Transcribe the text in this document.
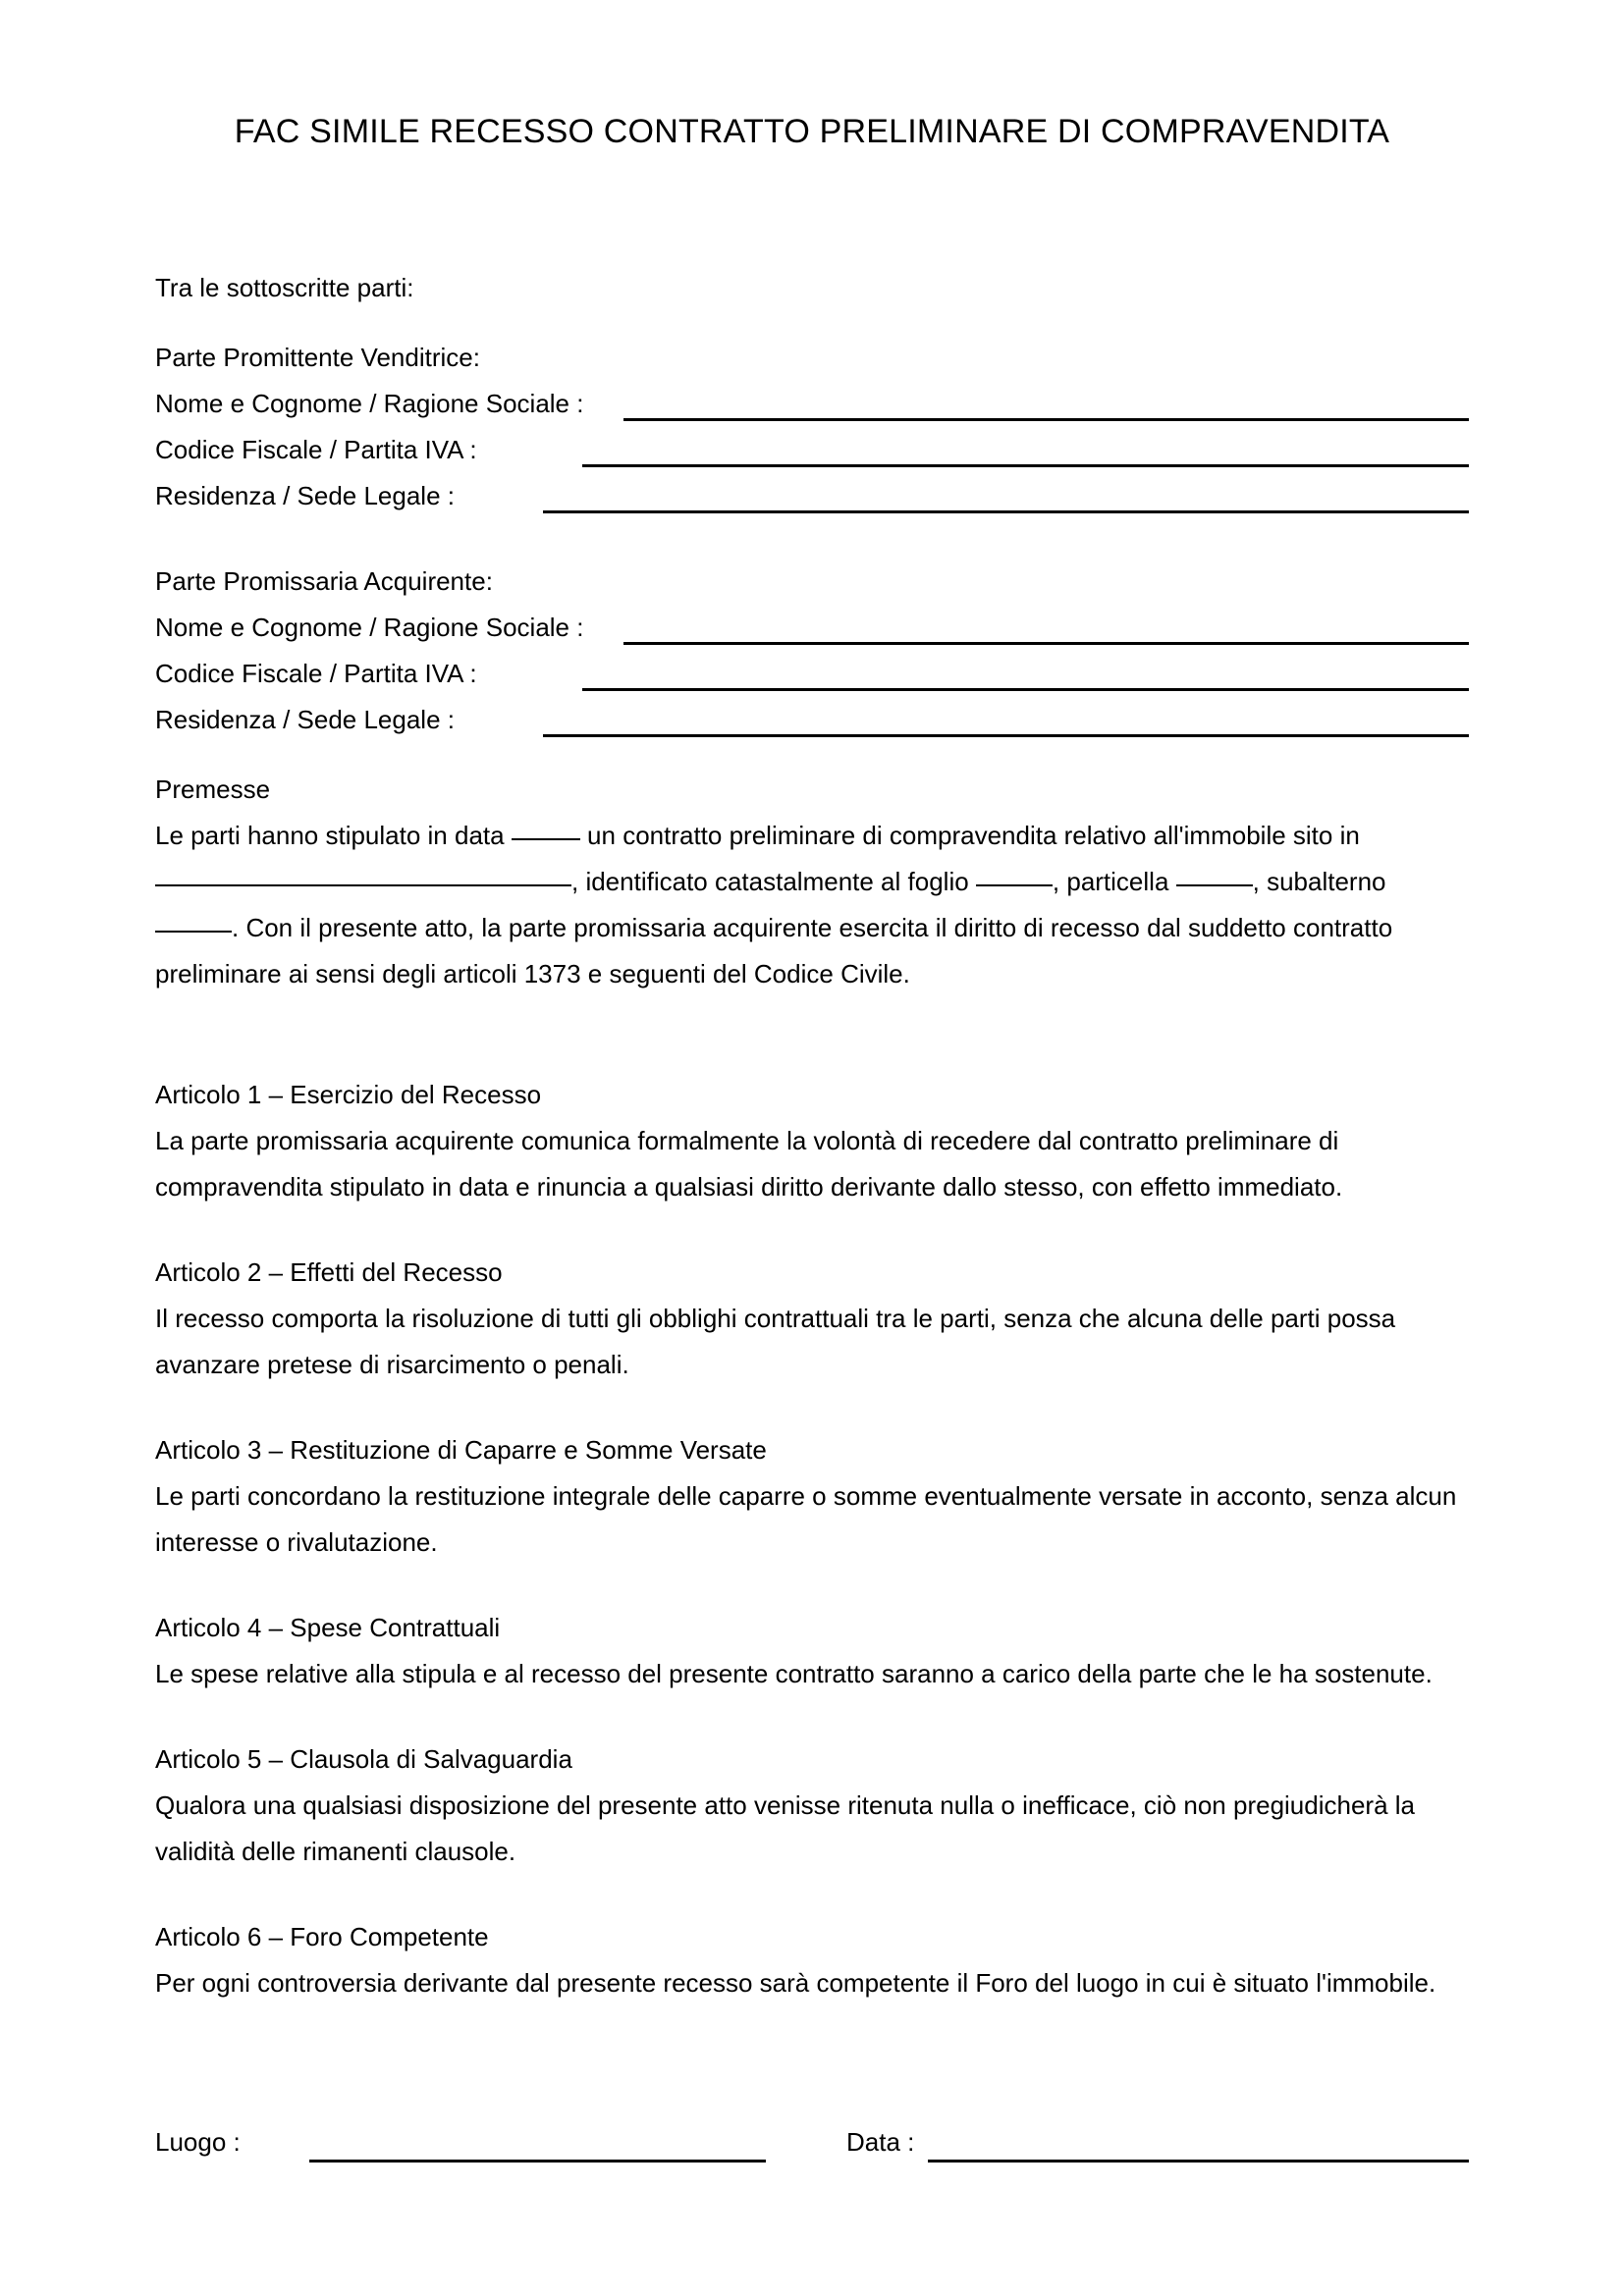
FAC SIMILE RECESSO CONTRATTO PRELIMINARE DI COMPRAVENDITA
Tra le sottoscritte parti:
Parte Promittente Venditrice:
Nome e Cognome / Ragione Sociale :
Codice Fiscale / Partita IVA :
Residenza / Sede Legale :
Parte Promissaria Acquirente:
Nome e Cognome / Ragione Sociale :
Codice Fiscale / Partita IVA :
Residenza / Sede Legale :
Premesse
Le parti hanno stipulato in data	un contratto preliminare di compravendita relativo all'immobile sito in , identificato catastalmente al foglio	, particella	, subalterno . Con il presente atto, la parte promissaria acquirente esercita il diritto di recesso dal suddetto contratto preliminare ai sensi degli articoli 1373 e seguenti del Codice Civile.
Articolo 1 – Esercizio del Recesso
La parte promissaria acquirente comunica formalmente la volontà di recedere dal contratto preliminare di compravendita stipulato in data e rinuncia a qualsiasi diritto derivante dallo stesso, con effetto immediato.
Articolo 2 – Effetti del Recesso
Il recesso comporta la risoluzione di tutti gli obblighi contrattuali tra le parti, senza che alcuna delle parti possa avanzare pretese di risarcimento o penali.
Articolo 3 – Restituzione di Caparre e Somme Versate
Le parti concordano la restituzione integrale delle caparre o somme eventualmente versate in acconto, senza alcun interesse o rivalutazione.
Articolo 4 – Spese Contrattuali
Le spese relative alla stipula e al recesso del presente contratto saranno a carico della parte che le ha sostenute.
Articolo 5 – Clausola di Salvaguardia
Qualora una qualsiasi disposizione del presente atto venisse ritenuta nulla o inefficace, ciò non pregiudicherà la validità delle rimanenti clausole.
Articolo 6 – Foro Competente
Per ogni controversia derivante dal presente recesso sarà competente il Foro del luogo in cui è situato l'immobile.
Luogo :	Data :
